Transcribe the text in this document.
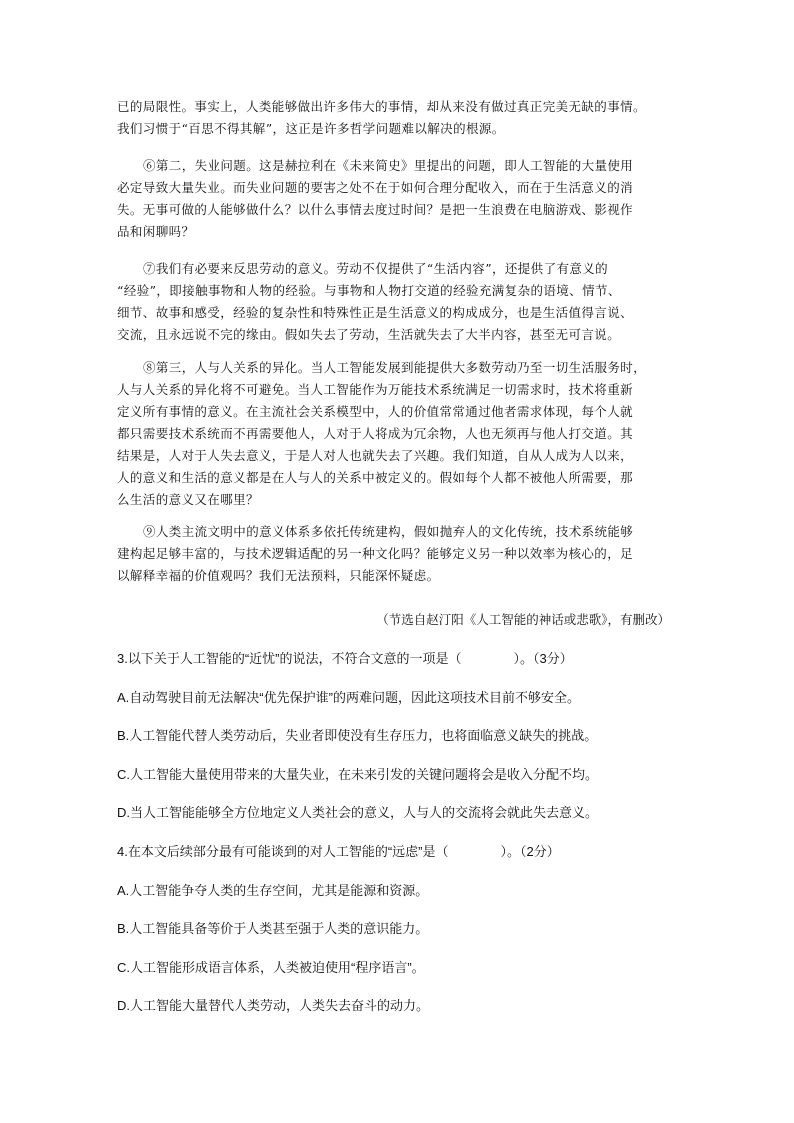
已的局限性。事实上，人类能够做出许多伟大的事情，却从来没有做过真正完美无缺的事情。
我们习惯于“百思不得其解”，这正是许多哲学问题难以解决的根源。
⑥第二，失业问题。这是赫拉利在《未来简史》里提出的问题，即人工智能的大量使用
必定导致大量失业。而失业问题的要害之处不在于如何合理分配收入，而在于生活意义的消
失。无事可做的人能够做什么？以什么事情去度过时间？是把一生浪费在电脑游戏、影视作
品和闲聊吗？
⑦我们有必要来反思劳动的意义。劳动不仅提供了“生活内容”，还提供了有意义的
“经验”，即接触事物和人物的经验。与事物和人物打交道的经验充满复杂的语境、情节、
细节、故事和感受，经验的复杂性和特殊性正是生活意义的构成成分，也是生活值得言说、
交流，且永远说不完的缘由。假如失去了劳动，生活就失去了大半内容，甚至无可言说。
⑧第三，人与人关系的异化。当人工智能发展到能提供大多数劳动乃至一切生活服务时，
人与人关系的异化将不可避免。当人工智能作为万能技术系统满足一切需求时，技术将重新
定义所有事情的意义。在主流社会关系模型中，人的价值常常通过他者需求体现，每个人就
都只需要技术系统而不再需要他人，人对于人将成为冗余物，人也无须再与他人打交道。其
结果是，人对于人失去意义，于是人对人也就失去了兴趣。我们知道，自从人成为人以来，
人的意义和生活的意义都是在人与人的关系中被定义的。假如每个人都不被他人所需要，那
么生活的意义又在哪里？
⑨人类主流文明中的意义体系多依托传统建构，假如抛弃人的文化传统，技术系统能够
建构起足够丰富的，与技术逻辑适配的另一种文化吗？能够定义另一种以效率为核心的，足
以解释幸福的价值观吗？我们无法预料，只能深怀疑虑。
（节选自赵汀阳《人工智能的神话或悲歌》，有删改）

3.以下关于人工智能的“近忧”的说法，不符合文意的一项是（　　　　）。（3分）

A.自动驾驶目前无法解决“优先保护谁”的两难问题，因此这项技术目前不够安全。

B.人工智能代替人类劳动后，失业者即使没有生存压力，也将面临意义缺失的挑战。

C.人工智能大量使用带来的大量失业，在未来引发的关键问题将会是收入分配不均。

D.当人工智能能够全方位地定义人类社会的意义，人与人的交流将会就此失去意义。

4.在本文后续部分最有可能谈到的对人工智能的“远虑”是（　　　　）。（2分）

A.人工智能争夺人类的生存空间，尤其是能源和资源。

B.人工智能具备等价于人类甚至强于人类的意识能力。

C.人工智能形成语言体系，人类被迫使用“程序语言”。

D.人工智能大量替代人类劳动，人类失去奋斗的动力。
